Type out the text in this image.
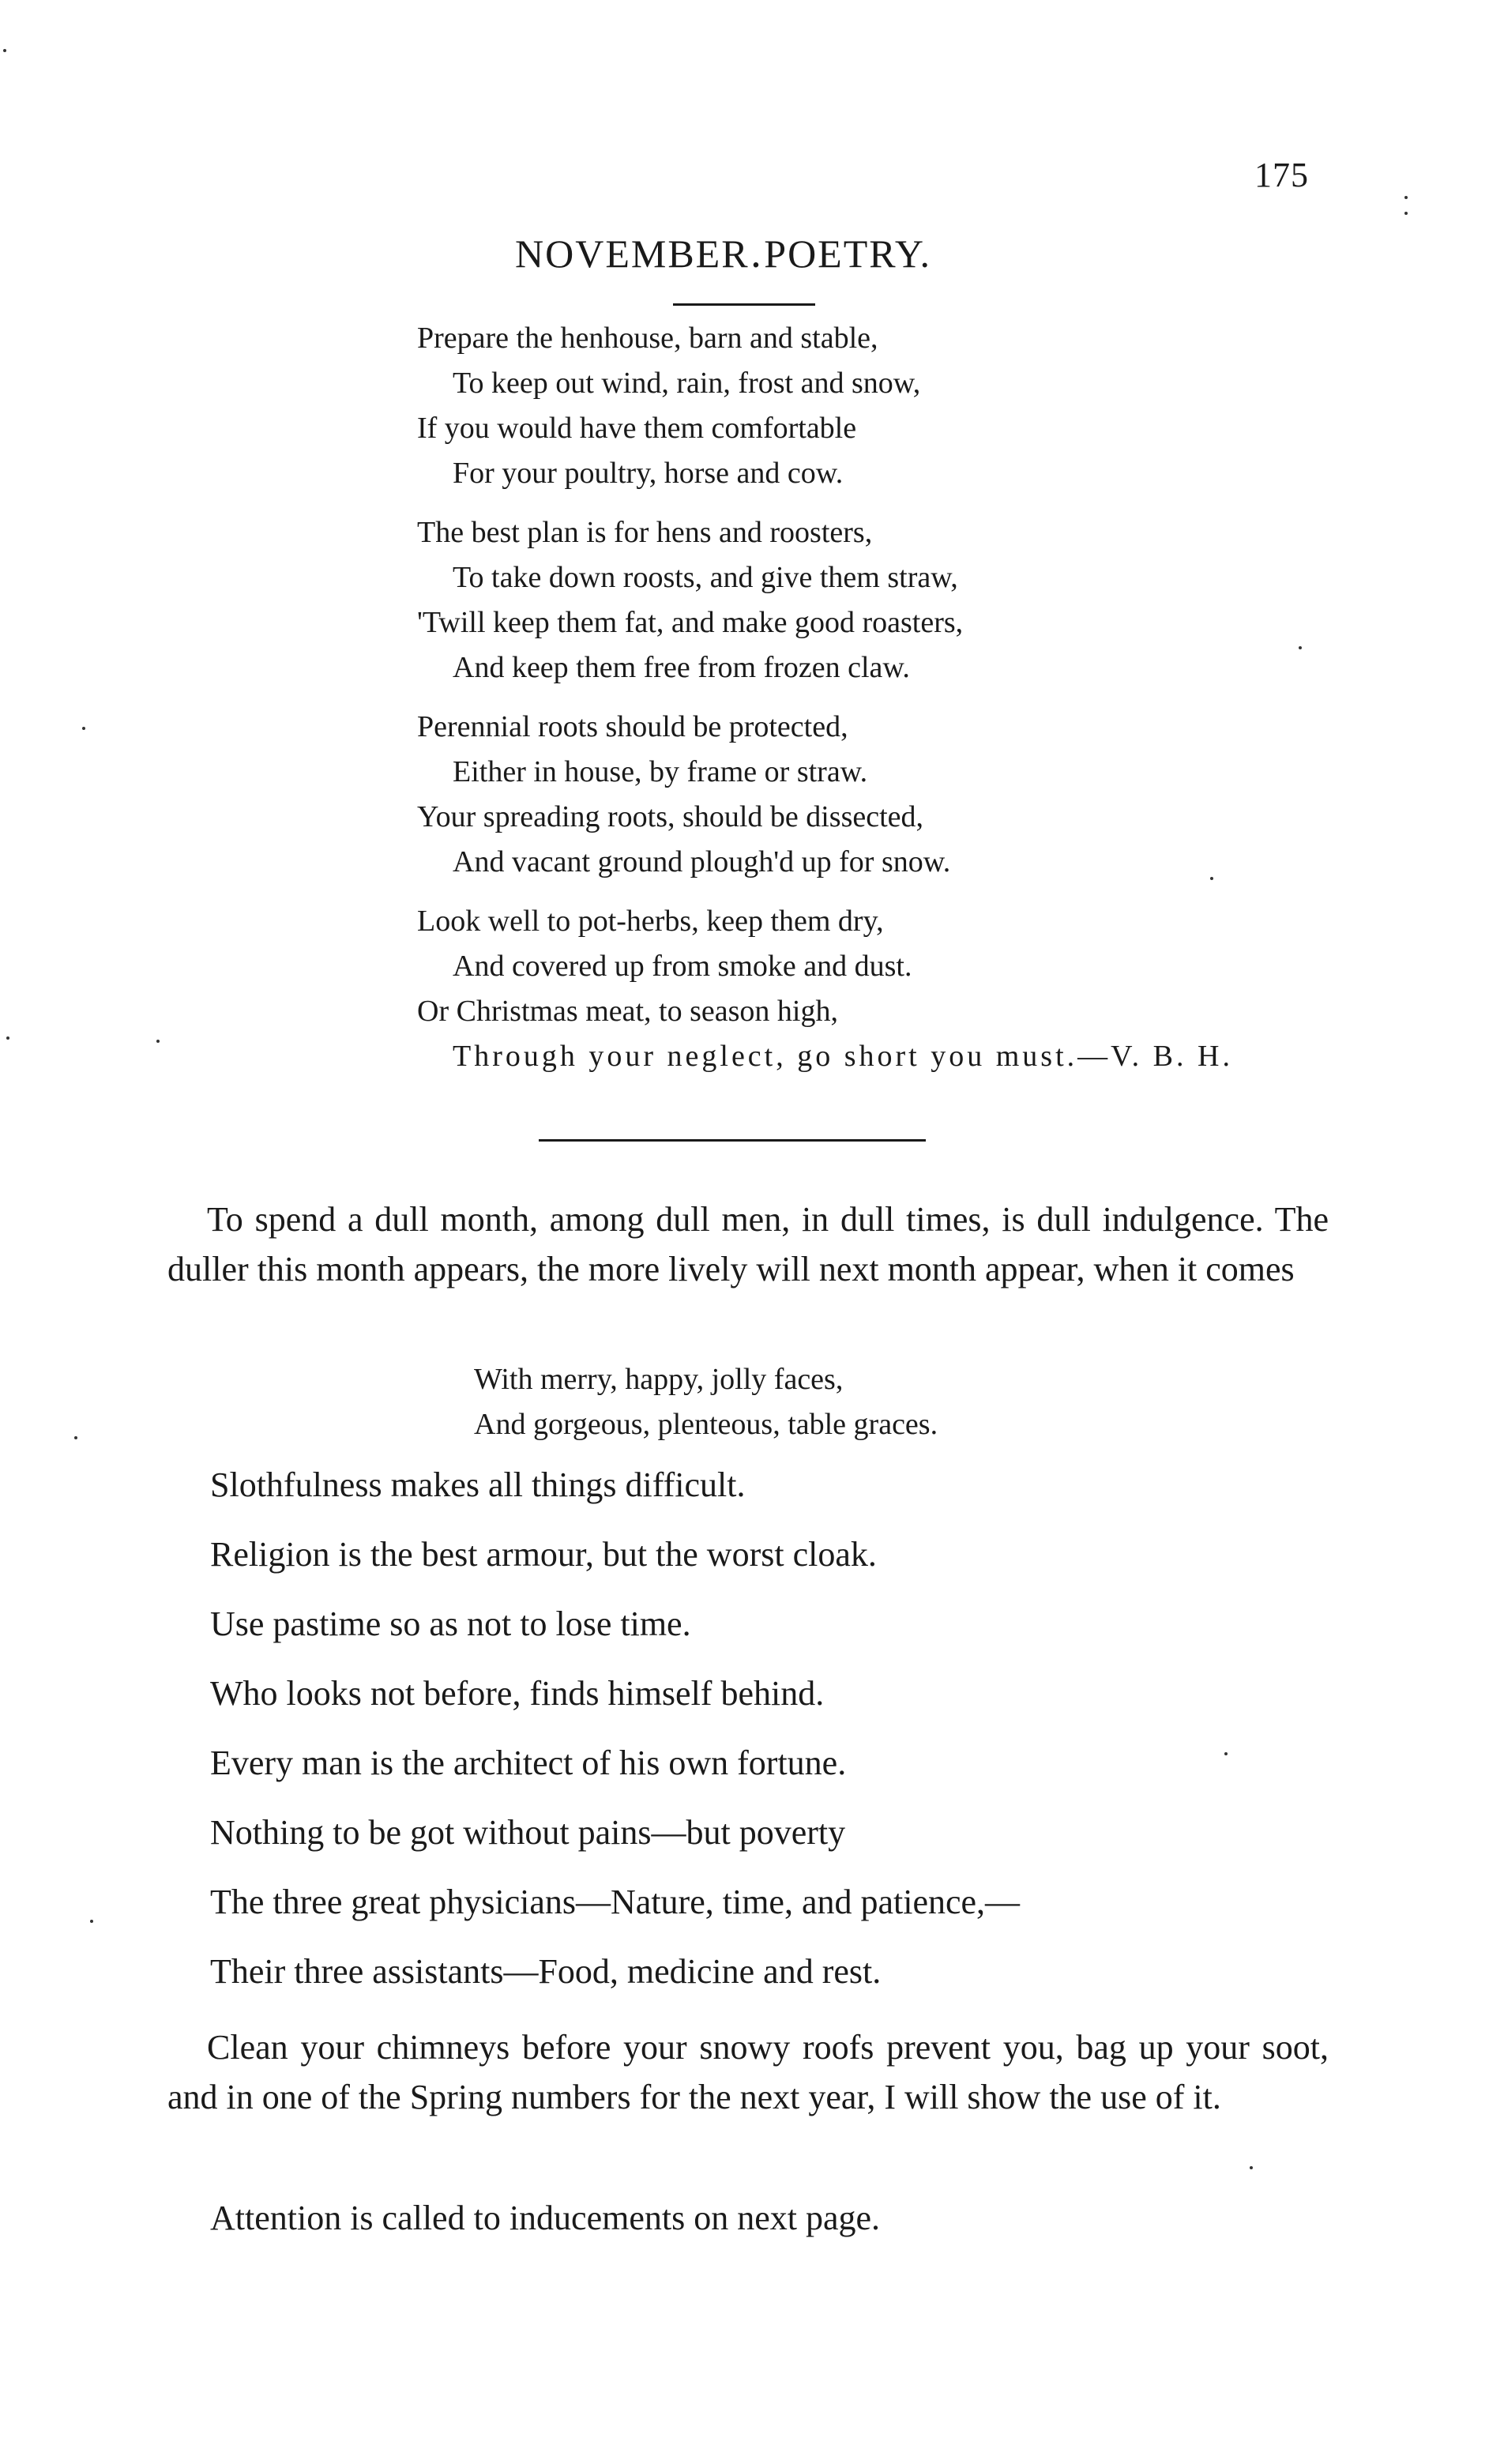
175
NOVEMBER․POETRY.
Prepare the henhouse, barn and stable,
To keep out wind, rain, frost and snow,
If you would have them comfortable
For your poultry, horse and cow.
The best plan is for hens and roosters,
To take down roosts, and give them straw,
'Twill keep them fat, and make good roasters,
And keep them free from frozen claw.
Perennial roots should be protected,
Either in house, by frame or straw.
Your spreading roots, should be dissected,
And vacant ground plough'd up for snow.
Look well to pot-herbs, keep them dry,
And covered up from smoke and dust.
Or Christmas meat, to season high,
Through your neglect, go short you must.—V. B. H.
To spend a dull month, among dull men, in dull times, is dull indulgence. The duller this month appears, the more lively will next month appear, when it comes
With merry, happy, jolly faces,
And gorgeous, plenteous, table graces.
Slothfulness makes all things difficult.
Religion is the best armour, but the worst cloak.
Use pastime so as not to lose time.
Who looks not before, finds himself behind.
Every man is the architect of his own fortune.
Nothing to be got without pains—but poverty
The three great physicians—Nature, time, and patience,—
Their three assistants—Food, medicine and rest.
Clean your chimneys before your snowy roofs prevent you, bag up your soot, and in one of the Spring numbers for the next year, I will show the use of it.
Attention is called to inducements on next page.
